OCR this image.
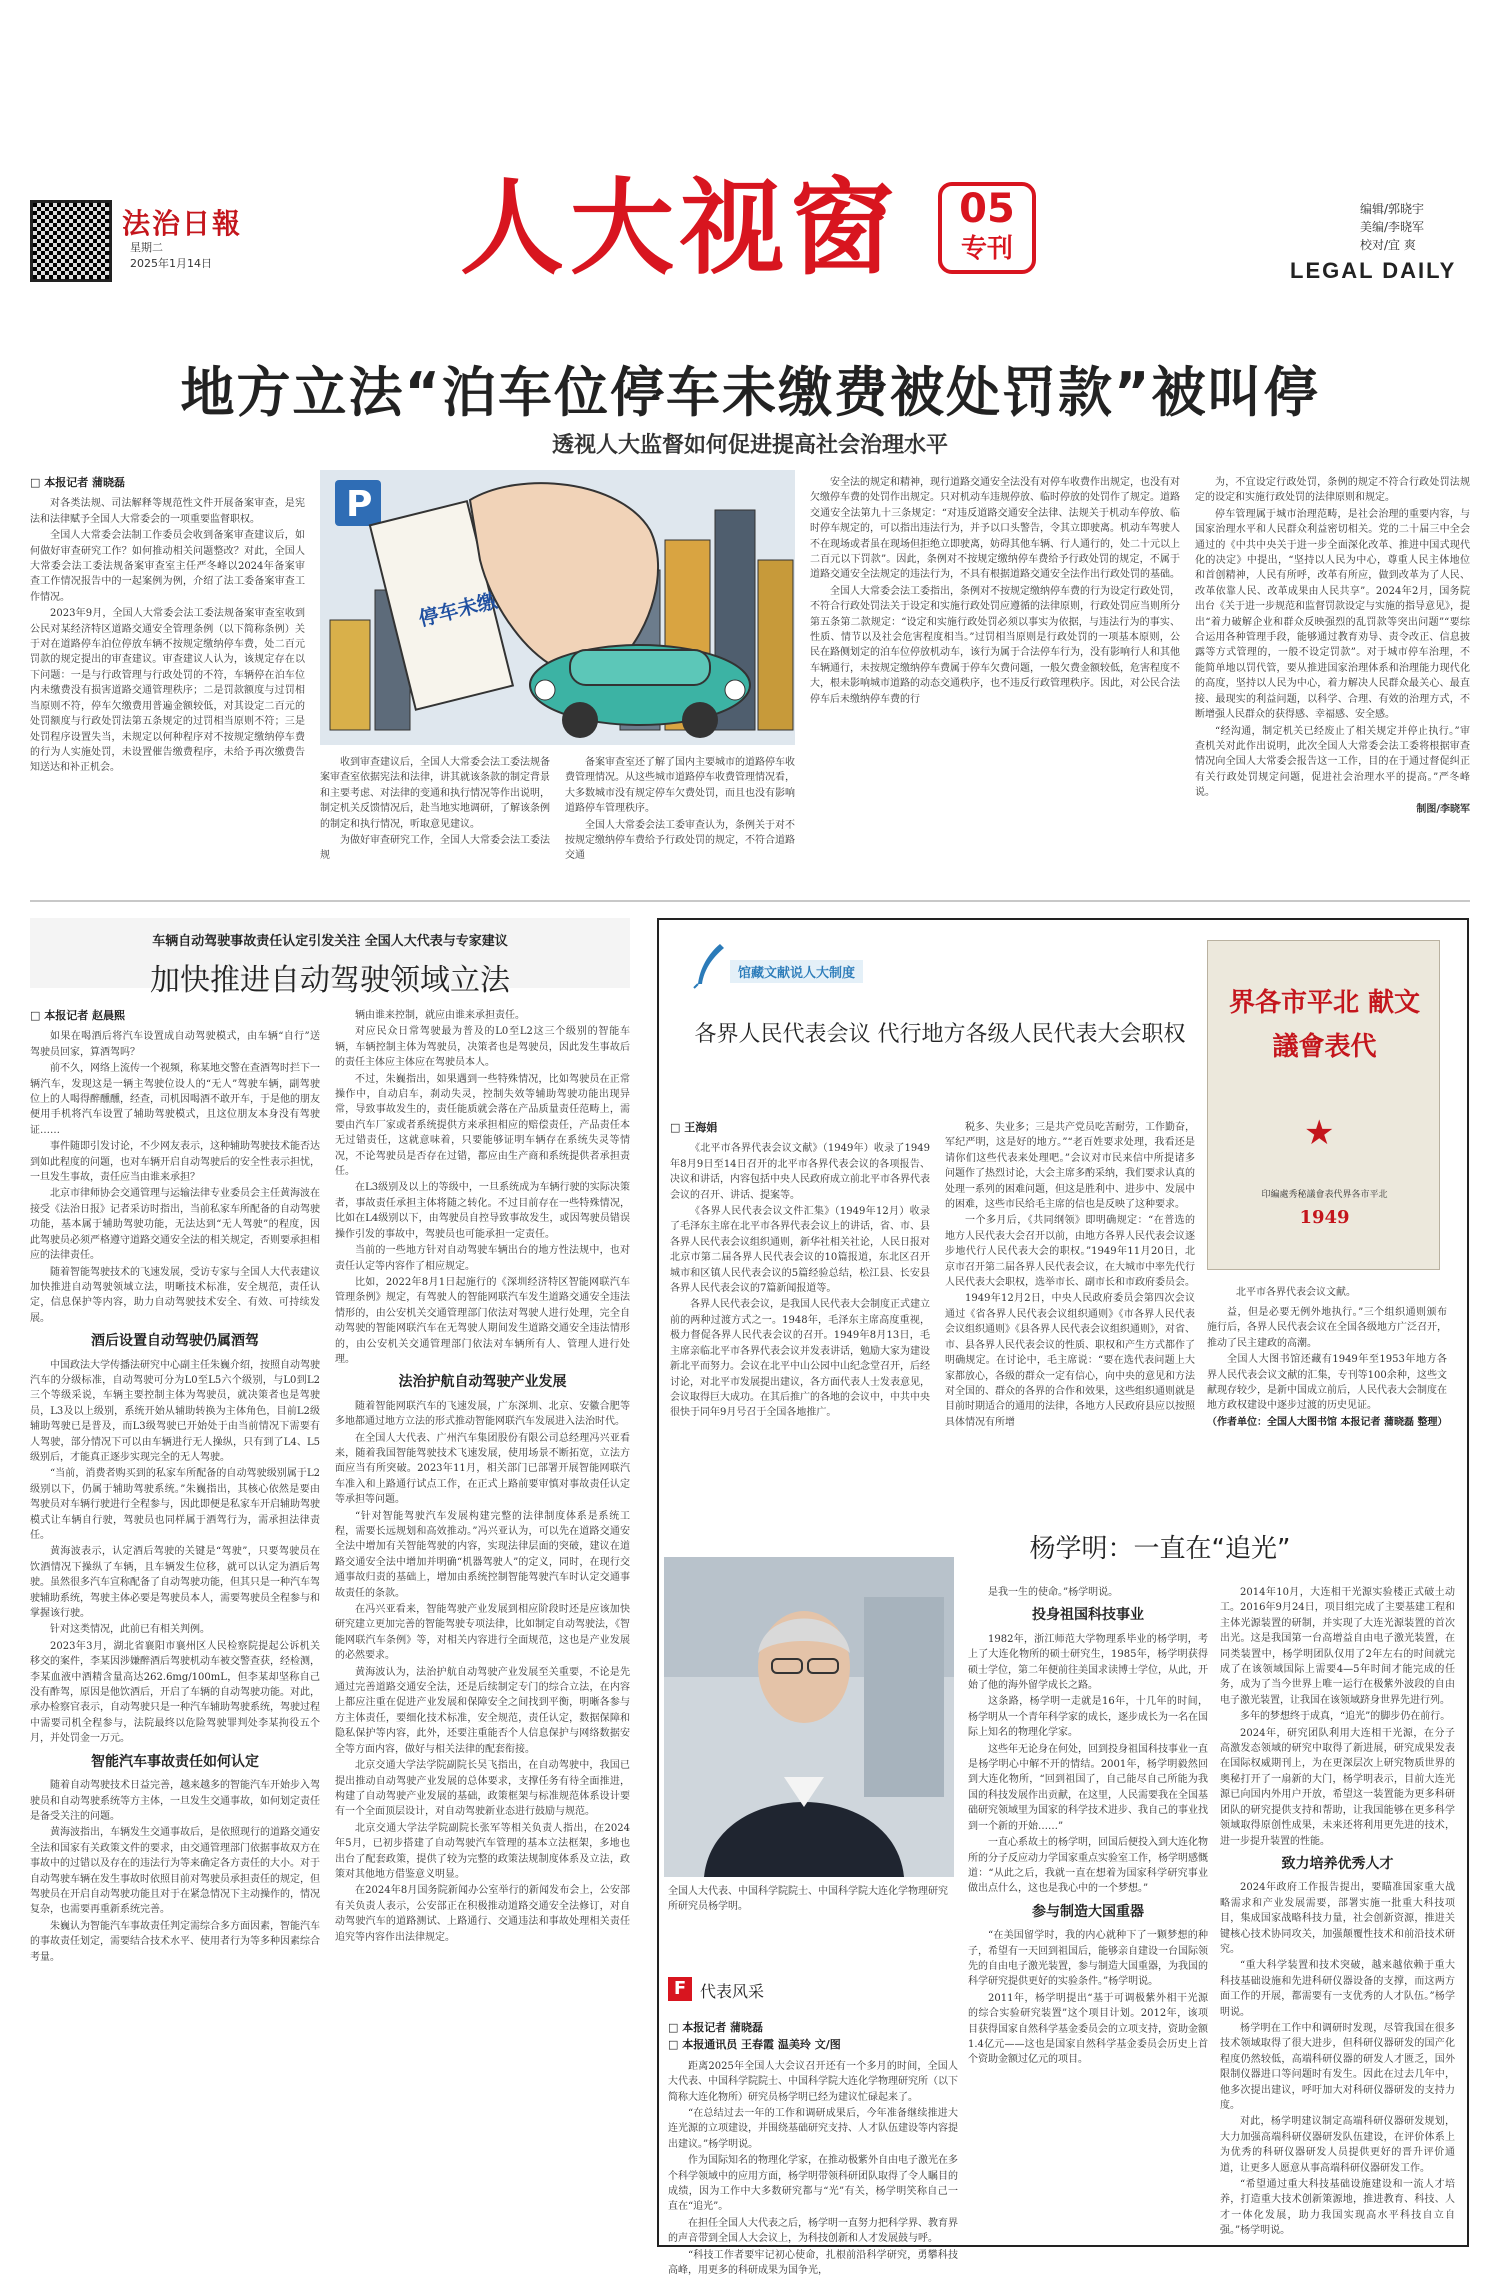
法治日報
星期二
2025年1月14日 人大视窗	05
专刊
编辑/郭晓宇
美编/李晓军
校对/宜 爽
LEGAL DAILY
地方立法“泊车位停车未缴费被处罚款”被叫停
透视人大监督如何促进提高社会治理水平
□ 本报记者 蒲晓磊

对各类法规、司法解释等规范性文件开展备案审查，是宪法和法律赋予全国人大常委会的一项重要监督职权。

全国人大常委会法制工作委员会收到备案审查建议后，如何做好审查研究工作？如何推动相关问题整改？对此，全国人大常委会法工委法规备案审查室主任严冬峰以2024年备案审查工作情况报告中的一起案例为例，介绍了法工委备案审查工作情况。

2023年9月，全国人大常委会法工委法规备案审查室收到公民对某经济特区道路交通安全管理条例（以下简称条例）关于对在道路停车泊位停放车辆不按规定缴纳停车费，处二百元罚款的规定提出的审查建议。审查建议人认为，该规定存在以下问题：一是与行政管理与行政处罚的不符，车辆停在泊车位内未缴费没有损害道路交通管理秩序；二是罚款额度与过罚相当原则不符，停车欠缴费用普遍金额较低，对其设定二百元的处罚额度与行政处罚法第五条规定的过罚相当原则不符；三是处罚程序设置失当，未规定以何种程序对不按规定缴纳停车费的行为人实施处罚，未设置催告缴费程序，未给予再次缴费告知送达和补正机会。

P
停车未缴费

收到审查建议后，全国人大常委会法工委法规备案审查室依据宪法和法律，讲其就该条款的制定背景和主要考虑、对法律的变通和执行情况等作出说明，制定机关反馈情况后，赴当地实地调研，了解该条例的制定和执行情况，听取意见建议。

为做好审查研究工作，全国人大常委会法工委法规

备案审查室还了解了国内主要城市的道路停车收费管理情况。从这些城市道路停车收费管理情况看，大多数城市没有规定停车欠费处罚，而且也没有影响道路停车管理秩序。

全国人大常委会法工委审查认为，条例关于对不按规定缴纳停车费给予行政处罚的规定，不符合道路交通

安全法的规定和精神，现行道路交通安全法没有对停车收费作出规定，也没有对欠缴停车费的处罚作出规定。只对机动车违规停放、临时停放的处罚作了规定。道路交通安全法第九十三条规定：“对违反道路交通安全法律、法规关于机动车停放、临时停车规定的，可以指出违法行为，并予以口头警告，令其立即驶离。机动车驾驶人不在现场或者虽在现场但拒绝立即驶离，妨碍其他车辆、行人通行的，处二十元以上二百元以下罚款”。因此，条例对不按规定缴纳停车费给予行政处罚的规定，不属于道路交通安全法规定的违法行为，不具有根据道路交通安全法作出行政处罚的基础。

全国人大常委会法工委指出，条例对不按规定缴纳停车费的行为设定行政处罚，不符合行政处罚法关于设定和实施行政处罚应遵循的法律原则，行政处罚应当则所分第五条第二款规定：“设定和实施行政处罚必须以事实为依据，与违法行为的事实、性质、情节以及社会危害程度相当。”过罚相当原则是行政处罚的一项基本原则，公民在路侧划定的泊车位停放机动车，该行为属于合法停车行为，没有影响行人和其他车辆通行，未按规定缴纳停车费属于停车欠费问题，一般欠费金额较低，危害程度不大，根未影响城市道路的动态交通秩序，也不违反行政管理秩序。因此，对公民合法停车后未缴纳停车费的行

为，不宜设定行政处罚，条例的规定不符合行政处罚法规定的设定和实施行政处罚的法律原则和规定。

停车管理属于城市治理范畴，是社会治理的重要内容，与国家治理水平和人民群众利益密切相关。党的二十届三中全会通过的《中共中央关于进一步全面深化改革、推进中国式现代化的决定》中提出，“坚持以人民为中心，尊重人民主体地位和首创精神，人民有所呼，改革有所应，做到改革为了人民、改革依靠人民、改革成果由人民共享”。2024年2月，国务院出台《关于进一步规范和监督罚款设定与实施的指导意见》，提出“着力破解企业和群众反映强烈的乱罚款等突出问题”“要综合运用各种管理手段，能够通过教育劝导、责令改正、信息披露等方式管理的，一般不设定罚款”。对于城市停车治理，不能简单地以罚代管，要从推进国家治理体系和治理能力现代化的高度，坚持以人民为中心，着力解决人民群众最关心、最直接、最现实的利益问题，以科学、合理、有效的治理方式，不断增强人民群众的获得感、幸福感、安全感。

“经沟通，制定机关已经废止了相关规定并停止执行。”审查机关对此作出说明，此次全国人大常委会法工委将根据审查情况向全国人大常委会报告这一工作，目的在于通过督促纠正有关行政处罚规定问题，促进社会治理水平的提高。”严冬峰说。

制图/李晓军
车辆自动驾驶事故责任认定引发关注 全国人大代表与专家建议
加快推进自动驾驶领域立法
□ 本报记者 赵晨熙

如果在喝酒后将汽车设置成自动驾驶模式，由车辆“自行”送驾驶员回家，算酒驾吗？

前不久，网络上流传一个视频，称某地交警在查酒驾时拦下一辆汽车，发现这是一辆主驾驶位设人的“无人”驾驶车辆，副驾驶位上的人喝得醉醺醺，经查，司机因喝酒不敢开车，于是他的朋友便用手机将汽车设置了辅助驾驶模式，且这位朋友本身没有驾驶证……

事件随即引发讨论，不少网友表示，这种辅助驾驶技术能否达到如此程度的问题，也对车辆开启自动驾驶后的安全性表示担忧，一旦发生事故，责任应当由谁来承担？

北京市律师协会交通管理与运输法律专业委员会主任黄海波在接受《法治日报》记者采访时指出，当前私家车所配备的自动驾驶功能，基本属于辅助驾驶功能，无法达到“无人驾驶”的程度，因此驾驶员必须严格遵守道路交通安全法的相关规定，否则要承担相应的法律责任。

随着智能驾驶技术的飞速发展，受访专家与全国人大代表建议加快推进自动驾驶领域立法，明晰技术标准，安全规范，责任认定，信息保护等内容，助力自动驾驶技术安全、有效、可持续发展。

酒后设置自动驾驶仍属酒驾

中国政法大学传播法研究中心副主任朱巍介绍，按照自动驾驶汽车的分级标准，自动驾驶可分为L0至L5六个级别，与L0到L2三个等级采说，车辆主要控制主体为驾驶员，就决策者也是驾驶员，L3及以上级别，系统开始从辅助转换为主体角色，目前L2级辅助驾驶已是普及，而L3级驾驶已开始处于由当前情况下需要有人驾驶，部分情况下可以由车辆进行无人操纵，只有到了L4、L5级别后，才能真正逐步实现完全的无人驾驶。

“当前，消费者购买到的私家车所配备的自动驾驶级别属于L2级别以下，仍属于辅助驾驶系统。”朱巍指出，其核心依然是要由驾驶员对车辆行驶进行全程参与，因此即便是私家车开启辅助驾驶模式让车辆自行驶，驾驶员也同样属于酒驾行为，需承担法律责任。

黄海波表示，认定酒后驾驶的关键是“驾驶”，只要驾驶员在饮酒情况下操纵了车辆，且车辆发生位移，就可以认定为酒后驾驶。虽然很多汽车宣称配备了自动驾驶功能，但其只是一种汽车驾驶辅助系统，驾驶主体必要是驾驶员本人，需要驾驶员全程参与和掌握该行驶。

针对这类情况，此前已有相关判例。

2023年3月，湖北省襄阳市襄州区人民检察院提起公诉机关移交的案件，李某因涉嫌醉酒后驾驶机动车被交警查获，经检测，李某血液中酒精含量高达262.6mg/100mL，但李某却坚称自己没有酢驾，原因是他饮酒后，开启了车辆的自动驾驶功能。对此，承办检察官表示，自动驾驶只是一种汽车辅助驾驶系统，驾驶过程中需要司机全程参与，法院最终以危险驾驶罪判处李某拘役五个月，并处罚金一万元。

智能汽车事故责任如何认定

随着自动驾驶技术日益完善，越来越多的智能汽车开始步入驾驶员和自动驾驶系统等方主体，一旦发生交通事故，如何划定责任是备受关注的问题。

黄海波指出，车辆发生交通事故后，是依照现行的道路交通安全法和国家有关政策文件的要求，由交通管理部门依据事故双方在事故中的过错以及存在的违法行为等来确定各方责任的大小。对于自动驾驶车辆在发生事故时依照目前对驾驶员承担责任的规定，但驾驶员在开启自动驾驶功能且对于在紧急情况下主动操作的，情况复杂，也需要再重新系统完善。

朱巍认为智能汽车事故责任判定需综合多方面因素，智能汽车的事故责任划定，需要结合技术水平、使用者行为等多种因素综合考量。

辆由谁来控制，就应由谁来承担责任。

对应民众日常驾驶最为普及的L0至L2这三个级别的智能车辆，车辆控制主体为驾驶员，决策者也是驾驶员，因此发生事故后的责任主体应主体应在驾驶员本人。

不过，朱巍指出，如果遇到一些特殊情况，比如驾驶员在正常操作中，自动启车，刹动失灵，控制失效等辅助驾驶功能出现异常，导致事故发生的，责任能质就会落在产品质量责任范畴上，需要由汽车厂家或者系统提供方来承担相应的赔偿责任，产品责任本无过错责任，这就意味着，只要能够证明车辆存在系统失灵等情况，不论驾驶员是否存在过错，都应由生产商和系统提供者承担责任。

在L3级别及以上的等级中，一旦系统成为车辆行驶的实际决策者，事故责任承担主体将随之转化。不过目前存在一些特殊情况，比如在L4级别以下，由驾驶员自控导致事故发生，或因驾驶员错误操作引发的事故中，驾驶员也可能承担一定责任。

当前的一些地方针对自动驾驶车辆出台的地方性法规中，也对责任认定等内容作了相应规定。

比如，2022年8月1日起施行的《深圳经济特区智能网联汽车管理条例》规定，有驾驶人的智能网联汽车发生道路交通安全违法情形的，由公安机关交通管理部门依法对驾驶人进行处理，完全自动驾驶的智能网联汽车在无驾驶人期间发生道路交通安全违法情形的，由公安机关交通管理部门依法对车辆所有人、管理人进行处理。

法治护航自动驾驶产业发展

随着智能网联汽车的飞速发展，广东深圳、北京、安徽合肥等多地都通过地方立法的形式推动智能网联汽车发展进入法治时代。

在全国人大代表、广州汽车集团股份有限公司总经理冯兴亚看来，随着我国智能驾驶技术飞速发展，使用场景不断拓宽，立法方面应当有所突破。2023年11月，相关部门已部署开展智能网联汽车准入和上路通行试点工作，在正式上路前要审慎对事故责任认定等承担等问题。

“针对智能驾驶汽车发展构建完整的法律制度体系是系统工程，需要长远规划和高效推动。”冯兴亚认为，可以先在道路交通安全法中增加有关智能驾驶的内容，实现法律层面的突破，建议在道路交通安全法中增加并明确“机器驾驶人”的定义，同时，在现行交通事故归责的基础上，增加由系统控制智能驾驶汽车时认定交通事故责任的条款。

在冯兴亚看来，智能驾驶产业发展到相应阶段时还是应该加快研究建立更加完善的智能驾驶专项法律，比如制定自动驾驶法，《智能网联汽车条例》等，对相关内容进行全面规范，这也是产业发展的必然要求。

黄海波认为，法治护航自动驾驶产业发展至关重要，不论是先通过完善道路交通安全法，还是后续制定专门的综合立法，在内容上都应注重在促进产业发展和保障安全之间找到平衡，明晰各参与方主体责任，要细化技术标准，安全规范，责任认定，数据保障和隐私保护等内容，此外，还要注重能否个人信息保护与网络数据安全等方面内容，做好与相关法律的配套衔接。

北京交通大学法学院副院长吴飞指出，在自动驾驶中，我国已提出推动自动驾驶产业发展的总体要求，支撑任务有待全面推进，构建了自动驾驶产业发展的基础，政策框架与标准规范体系设计要有一个全面顶层设计，对自动驾驶新业态进行鼓励与规范。

北京交通大学法学院副院长张军等相关负责人指出，在2024年5月，已初步搭建了自动驾驶汽车管理的基本立法框架，多地也出台了配套政策，提供了较为完整的政策法规制度体系及立法，政策对其他地方借鉴意义明显。

在2024年8月国务院新闻办公室举行的新闻发布会上，公安部有关负责人表示，公安部正在积极推动道路交通安全法修订，对自动驾驶汽车的道路测试、上路通行、交通违法和事故处理相关责任追究等内容作出法律规定。

馆藏文献说人大制度
各界人民代表会议 代行地方各级人民代表大会职权
□ 王海娟

《北平市各界代表会议文献》（1949年）收录了1949年8月9日至14日召开的北平市各界代表会议的各项报告、决议和讲话，内容包括中央人民政府成立前北平市各界代表会议的召开、讲话、提案等。

《各界人民代表会议文件汇集》（1949年12月）收录了毛泽东主席在北平市各界代表会议上的讲话，省、市、县各界人民代表会议组织通则，新华社相关社论，人民日报对北京市第二届各界人民代表会议的10篇报道，东北区召开城市和区镇人民代表会议的5篇经验总结，松江县、长安县各界人民代表会议的7篇新闻报道等。

各界人民代表会议，是我国人民代表大会制度正式建立前的两种过渡方式之一。1948年，毛泽东主席高度重视，极力督促各界人民代表会议的召开。1949年8月13日，毛主席亲临北平市各界代表会议并发表讲话，勉励大家为建设新北平而努力。会议在北平中山公园中山纪念堂召开，后经讨论，对北平市发展提出建议，各方面代表人士发表意见，会议取得巨大成功。在其后推广的各地的会议中，中共中央很快于同年9月号召于全国各地推广。

税多、失业多；三是共产党员吃苦耐劳，工作勤奋，军纪严明，这是好的地方。”“老百姓要求处理，我看还是请你们这些代表来处理吧。”会议对市民来信中所提诸多问题作了热烈讨论，大会主席多酌采纳，我们要求认真的处理一系列的困难问题，但这是胜利中、进步中、发展中的困难，这些市民给毛主席的信也是反映了这种要求。

一个多月后，《共同纲领》即明确规定：“在普选的地方人民代表大会召开以前，由地方各界人民代表会议逐步地代行人民代表大会的职权。”1949年11月20日，北京市召开第二届各界人民代表会议，在大城市中率先代行人民代表大会职权，选举市长、副市长和市政府委员会。

1949年12月2日，中央人民政府委员会第四次会议通过《省各界人民代表会议组织通则》《市各界人民代表会议组织通则》《县各界人民代表会议组织通则》，对省、市、县各界人民代表会议的性质、职权和产生方式都作了明确规定。在讨论中，毛主席说：“要在选代表问题上大家都放心，各级的群众一定有信心，向中央的意见和方法对全国的、群众的各界的合作和效果，这些组织通则就是目前时期适合的通用的法律，各地方人民政府县应以按照具体情况有所增

益，但是必要无例外地执行。”三个组织通则颁布施行后，各界人民代表会议在全国各级地方广泛召开，推动了民主建政的高潮。

全国人大图书馆还藏有1949年至1953年地方各界人民代表会议文献的汇集，专刊等100余种，这些文献现存较少，是新中国成立前后，人民代表大会制度在地方政权建设中逐步过渡的历史见证。

（作者单位：全国人大图书馆 本报记者 蒲晓磊 整理）
界各市平北 献文議會表代
★
印編處秀秘議會表代界各市平北
1949
北平市各界代表会议文献。
杨学明：一直在“追光”
全国人大代表、中国科学院院士、中国科学院大连化学物理研究所研究员杨学明。
F 代表风采
□ 本报记者 蒲晓磊
□ 本报通讯员 王春霞 温美玲 文/图

距离2025年全国人大会议召开还有一个多月的时间，全国人大代表、中国科学院院士、中国科学院大连化学物理研究所（以下简称大连化物所）研究员杨学明已经为建议忙碌起来了。

“在总结过去一年的工作和调研成果后，今年准备继续推进大连光源的立项建设，并围绕基础研究支持、人才队伍建设等内容提出建议。”杨学明说。

作为国际知名的物理化学家，在推动极紫外自由电子激光在多个科学领域中的应用方面，杨学明带领科研团队取得了令人瞩目的成绩，因为工作中大多数研究都与“光”有关，杨学明笑称自己一直在“追光”。

在担任全国人大代表之后，杨学明一直努力把科学界、教育界的声音带到全国人大会议上，为科技创新和人才发展鼓与呼。

“科技工作者要牢记初心使命，扎根前沿科学研究，勇攀科技高峰，用更多的科研成果为国争光，

是我一生的使命。”杨学明说。

投身祖国科技事业

1982年，浙江师范大学物理系毕业的杨学明，考上了大连化物所的硕士研究生，1985年，杨学明获得硕士学位，第二年便前往美国求读博士学位，从此，开始了他的海外留学成长之路。

这条路，杨学明一走就是16年，十几年的时间，杨学明从一个青年科学家的成长，逐步成长为一名在国际上知名的物理化学家。

这些年无论身在何处，回到投身祖国科技事业一直是杨学明心中解不开的情结。2001年，杨学明毅然回到大连化物所，“回到祖国了，自己能尽自己所能为我国的科技发展作出贡献，在这里，人民需要我在全国基础研究领域里为国家的科学技术进步、我自己的事业找到一个新的开始……”

一直心系故土的杨学明，回国后便投入到大连化物所的分子反应动力学国家重点实验室工作，杨学明感慨道：“从此之后，我就一直在想着为国家科学研究事业做出点什么，这也是我心中的一个梦想。”

参与制造大国重器

“在美国留学时，我的内心就种下了一颗梦想的种子，希望有一天回到祖国后，能够亲自建设一台国际领先的自由电子激光装置，参与制造大国重器，为我国的科学研究提供更好的实验条件。”杨学明说。

2011年，杨学明提出“基于可调极紫外相干光源的综合实验研究装置”这个项目计划。2012年，该项目获得国家自然科学基金委员会的立项支持，资助金额1.4亿元——这也是国家自然科学基金委员会历史上首个资助金额过亿元的项目。

2014年10月，大连相干光源实验楼正式破土动工。2016年9月24日，项目组完成了主要基建工程和主体光源装置的研制，并实现了大连光源装置的首次出光。这是我国第一台高增益自由电子激光装置，在同类装置中，杨学明团队仅用了2年左右的时间就完成了在该领域国际上需要4—5年时间才能完成的任务，成为了当今世界上唯一运行在极紫外波段的自由电子激光装置，让我国在该领域跻身世界先进行列。

多年的梦想终于成真，“追光”的脚步仍在前行。

2024年，研究团队利用大连相干光源，在分子高激发态领域的研究中取得了新进展，研究成果发表在国际权威期刊上，为在更深层次上研究物质世界的奥秘打开了一扇新的大门，杨学明表示，目前大连光源已向国内外用户开放，希望这一装置能为更多科研团队的研究提供支持和帮助，让我国能够在更多科学领域取得原创性成果，未来还将利用更先进的技术，进一步提升装置的性能。

致力培养优秀人才

2024年政府工作报告提出，要瞄准国家重大战略需求和产业发展需要，部署实施一批重大科技项目，集成国家战略科技力量，社会创新资源，推进关键核心技术协同攻关，加强颠覆性技术和前沿技术研究。

“重大科学装置和技术突破，越来越依赖于重大科技基础设施和先进科研仪器设备的支撑，而这两方面工作的开展，都需要有一支优秀的人才队伍。”杨学明说。

杨学明在工作中和调研时发现，尽管我国在很多技术领域取得了很大进步，但科研仪器研发的国产化程度仍然较低，高端科研仪器的研发人才匮乏，国外限制仪器进口等问题时有发生。因此在过去几年中，他多次提出建议，呼吁加大对科研仪器研发的支持力度。

对此，杨学明建议制定高端科研仪器研发规划，大力加强高端科研仪器研发队伍建设，在评价体系上为优秀的科研仪器研发人员提供更好的晋升评价通道，让更多人愿意从事高端科研仪器研发工作。

“希望通过重大科技基础设施建设和一流人才培养，打造重大技术创新策源地，推进教育、科技、人才一体化发展，助力我国实现高水平科技自立自强。”杨学明说。
